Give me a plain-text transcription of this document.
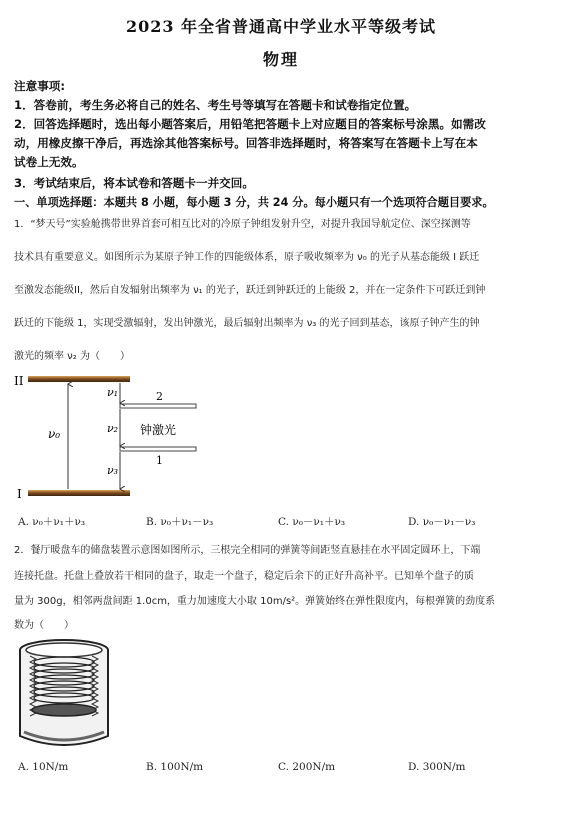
2023 年全省普通高中学业水平等级考试
物理
注意事项:
1．答卷前，考生务必将自己的姓名、考生号等填写在答题卡和试卷指定位置。
2．回答选择题时，选出每小题答案后，用铅笔把答题卡上对应题目的答案标号涂黑。如需改
动，用橡皮擦干净后，再选涂其他答案标号。回答非选择题时，将答案写在答题卡上写在本
试卷上无效。
3．考试结束后，将本试卷和答题卡一并交回。
一、单项选择题：本题共 8 小题，每小题 3 分，共 24 分。每小题只有一个选项符合题目要求。
1．“梦天号”实验舱携带世界首套可相互比对的冷原子钟组发射升空，对提升我国导航定位、深空探测等
技术具有重要意义。如图所示为某原子钟工作的四能级体系，原子吸收频率为 ν₀ 的光子从基态能级 I 跃迁
至激发态能级II，然后自发辐射出频率为 ν₁ 的光子，跃迁到钟跃迁的上能级 2，并在一定条件下可跃迁到钟
跃迁的下能级 1，实现受激辐射，发出钟激光，最后辐射出频率为 ν₃ 的光子回到基态，该原子钟产生的钟
激光的频率 ν₂ 为（　　）
II
I
2
1
钟激光
ν₀
ν₁
ν₂
ν₃
A. ν₀＋ν₁＋ν₃	B. ν₀＋ν₁－ν₃	C. ν₀－ν₁＋ν₃	D. ν₀－ν₁－ν₃
2．餐厅暖盘车的储盘装置示意图如图所示，三根完全相同的弹簧等间距竖直悬挂在水平固定圆环上，下端
连接托盘。托盘上叠放若干相同的盘子，取走一个盘子，稳定后余下的正好升高补平。已知单个盘子的质
量为 300g，相邻两盘间距 1.0cm，重力加速度大小取 10m/s²。弹簧始终在弹性限度内，每根弹簧的劲度系
数为（　　）
A. 10N/m	B. 100N/m	C. 200N/m	D. 300N/m
